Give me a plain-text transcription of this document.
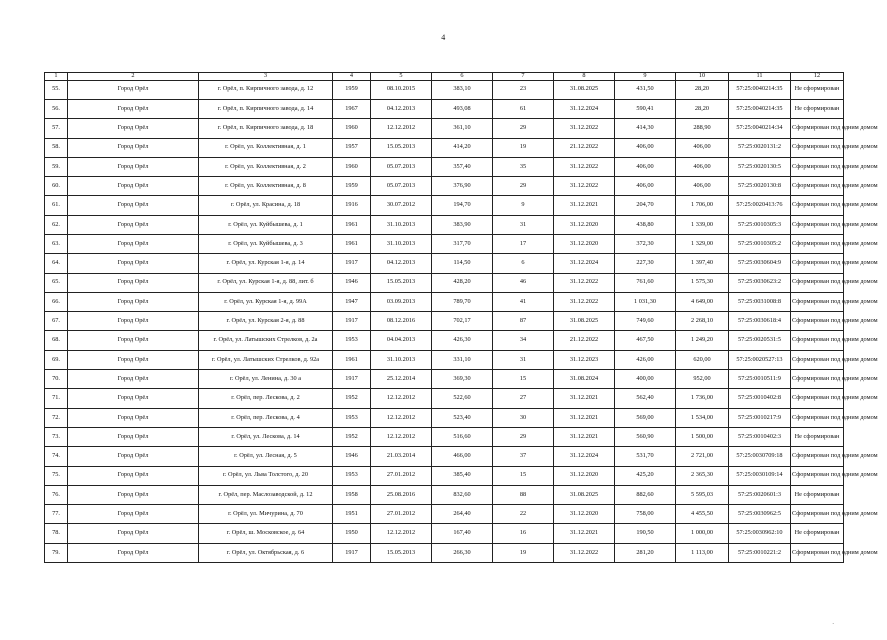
4
1	2	3	4	5	6	7	8	9	10	11	12
55.	Город Орёл	г. Орёл, п. Кирпичного завода, д. 12	1959	08.10.2015	383,10	23	31.08.2025	431,50	28,20	57:25:0040214:35	Не сформирован
56.	Город Орёл	г. Орёл, п. Кирпичного завода, д. 14	1967	04.12.2013	493,08	61	31.12.2024	590,41	28,20	57:25:0040214:35	Не сформирован
57.	Город Орёл	г. Орёл, п. Кирпичного завода, д. 18	1960	12.12.2012	361,10	29	31.12.2022	414,30	288,90	57:25:0040214:34	Сформирован под одним домом
58.	Город Орёл	г. Орёл, ул. Коллективная, д. 1	1957	15.05.2013	414,20	19	21.12.2022	406,00	406,00	57:25:0020131:2	Сформирован под одним домом
59.	Город Орёл	г. Орёл, ул. Коллективная, д. 2	1960	05.07.2013	357,40	35	31.12.2022	406,00	406,00	57:25:0020130:5	Сформирован под одним домом
60.	Город Орёл	г. Орёл, ул. Коллективная, д. 8	1959	05.07.2013	376,90	29	31.12.2022	406,00	406,00	57:25:0020130:8	Сформирован под одним домом
61.	Город Орёл	г. Орёл, ул. Красина, д. 18	1916	30.07.2012	194,70	9	31.12.2021	204,70	1 706,00	57:25:0020413:76	Сформирован под одним домом
62.	Город Орёл	г. Орёл, ул. Куйбышева, д. 1	1961	31.10.2013	383,90	31	31.12.2020	438,80	1 339,00	57:25:0010305:3	Сформирован под одним домом
63.	Город Орёл	г. Орёл, ул. Куйбышева, д. 3	1961	31.10.2013	317,70	17	31.12.2020	372,30	1 329,00	57:25:0010305:2	Сформирован под одним домом
64.	Город Орёл	г. Орёл, ул. Курская 1-я, д. 14	1917	04.12.2013	114,50	6	31.12.2024	227,30	1 397,40	57:25:0030604:9	Сформирован под одним домом
65.	Город Орёл	г. Орёл, ул. Курская 1-я, д. 88, лит. б	1946	15.05.2013	428,20	46	31.12.2022	761,60	1 575,30	57:25:0030623:2	Сформирован под одним домом
66.	Город Орёл	г. Орёл, ул. Курская 1-я, д. 99А	1947	03.09.2013	789,70	41	31.12.2022	1 031,30	4 649,00	57:25:0031008:8	Сформирован под одним домом
67.	Город Орёл	г. Орёл, ул. Курская 2-я, д. 88	1917	08.12.2016	702,17	87	31.08.2025	749,60	2 268,10	57:25:0030618:4	Сформирован под одним домом
68.	Город Орёл	г. Орёл, ул. Латышских Стрелков, д. 2а	1953	04.04.2013	426,30	34	21.12.2022	467,50	1 249,20	57:25:0020531:5	Сформирован под одним домом
69.	Город Орёл	г. Орёл, ул. Латышских Стрелков, д. 92а	1961	31.10.2013	331,10	31	31.12.2023	426,00	620,00	57:25:0020527:13	Сформирован под одним домом
70.	Город Орёл	г. Орёл, ул. Ленина, д. 30 а	1917	25.12.2014	369,30	15	31.08.2024	400,00	952,00	57:25:0010511:9	Сформирован под одним домом
71.	Город Орёл	г. Орёл, пер. Лескова, д. 2	1952	12.12.2012	522,60	27	31.12.2021	562,40	1 736,00	57:25:0010402:8	Сформирован под одним домом
72.	Город Орёл	г. Орёл, пер. Лескова, д. 4	1953	12.12.2012	523,40	30	31.12.2021	569,00	1 534,00	57:25:0010217:9	Сформирован под одним домом
73.	Город Орёл	г. Орёл, ул. Лескова, д. 14	1952	12.12.2012	516,60	29	31.12.2021	560,90	1 500,00	57:25:0010402:3	Не сформирован
74.	Город Орёл	г. Орёл, ул. Лесная, д. 5	1946	21.03.2014	466,00	37	31.12.2024	531,70	2 721,00	57:25:0030709:18	Сформирован под одним домом
75.	Город Орёл	г. Орёл, ул. Льва Толстого, д. 20	1953	27.01.2012	385,40	15	31.12.2020	425,20	2 365,30	57:25:0030109:14	Сформирован под одним домом
76.	Город Орёл	г. Орёл, пер. Маслозаводской, д. 12	1958	25.08.2016	832,60	88	31.08.2025	882,60	5 595,03	57:25:0020601:3	Не сформирован
77.	Город Орёл	г. Орёл, ул. Мичурина, д. 70	1951	27.01.2012	264,40	22	31.12.2020	758,00	4 455,50	57:25:0030962:5	Сформирован под одним домом
78.	Город Орёл	г. Орёл, ш. Московское, д. 64	1950	12.12.2012	167,40	16	31.12.2021	190,50	1 000,00	57:25:0030962:10	Не сформирован
79.	Город Орёл	г. Орёл, ул. Октябрьская, д. 6	1917	15.05.2013	266,30	19	31.12.2022	281,20	1 113,00	57:25:0010221:2	Сформирован под одним домом
·
